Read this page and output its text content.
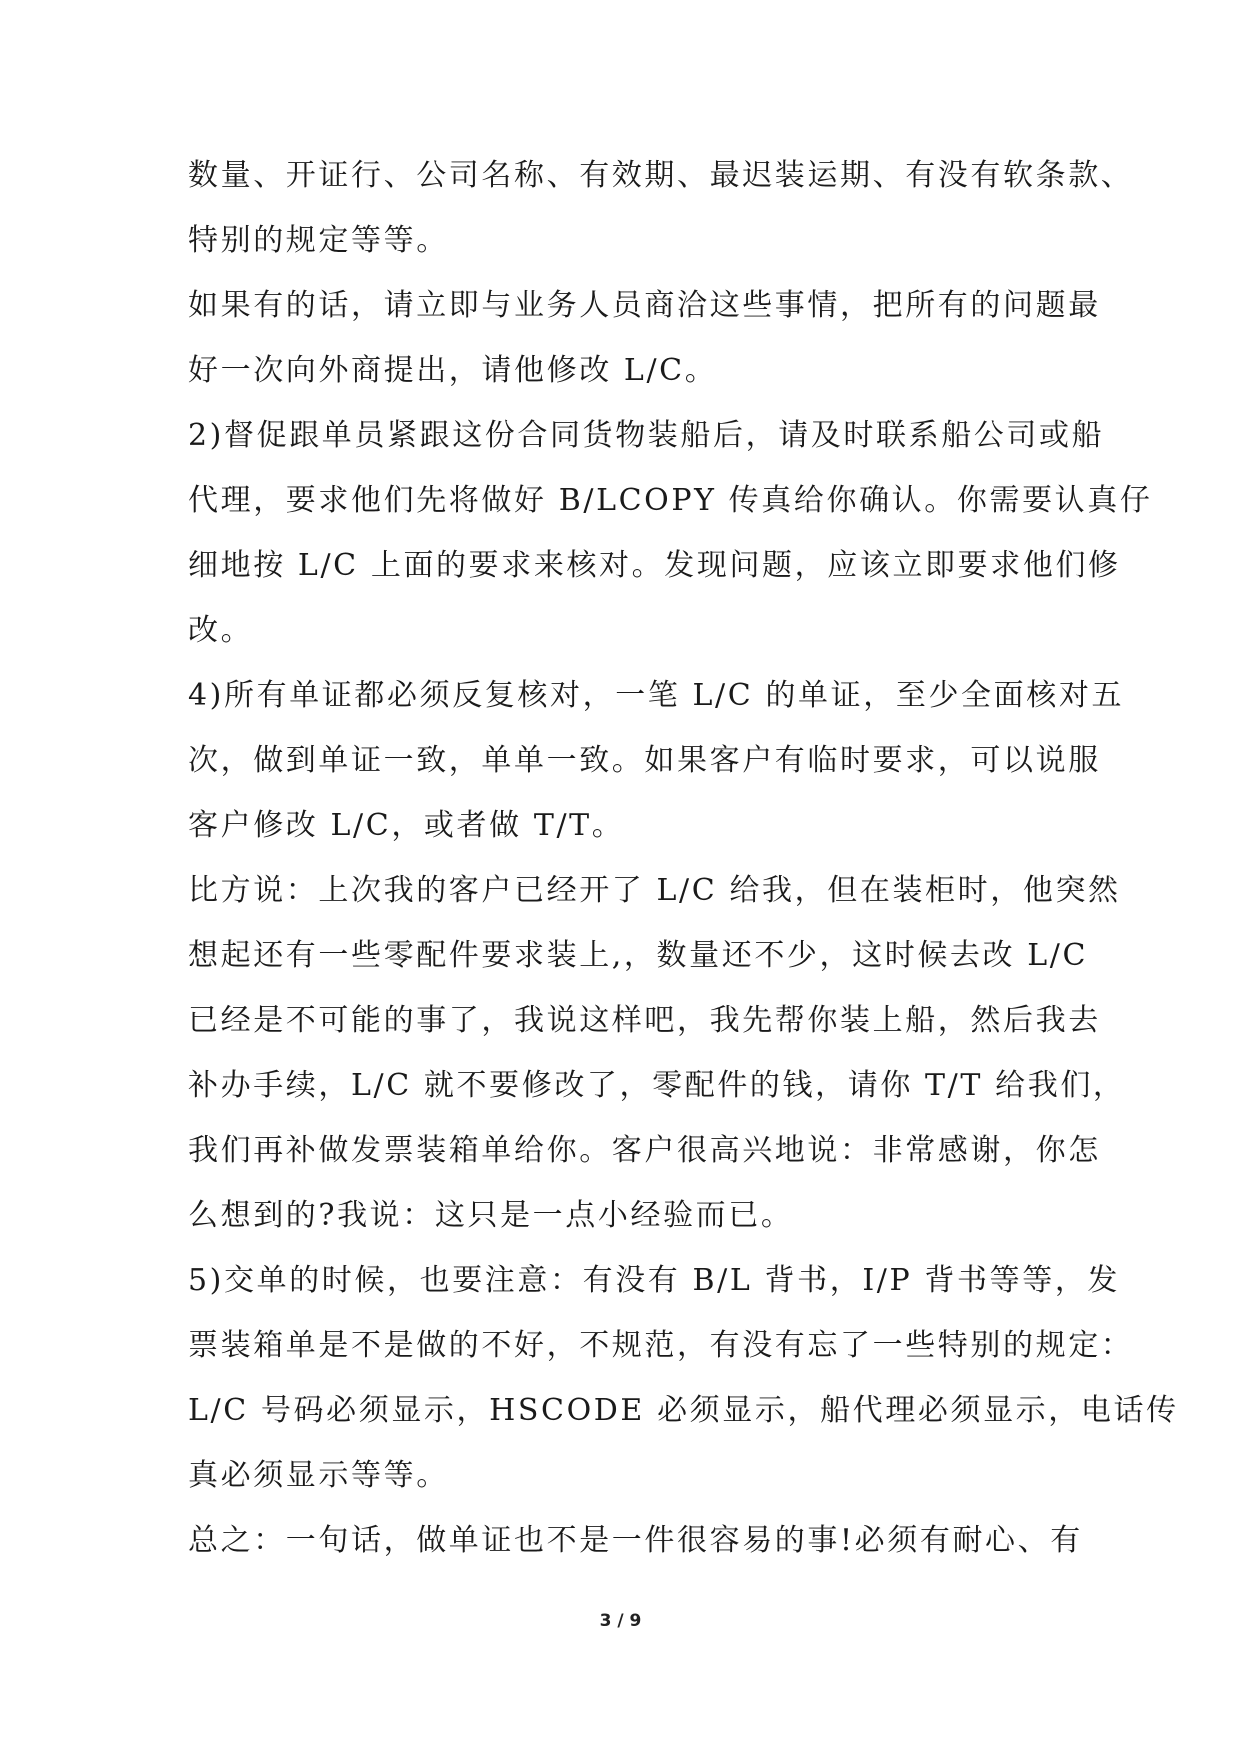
数量、开证行、公司名称、有效期、最迟装运期、有没有软条款、
特别的规定等等。
如果有的话，请立即与业务人员商洽这些事情，把所有的问题最
好一次向外商提出，请他修改 L/C。
2)督促跟单员紧跟这份合同货物装船后，请及时联系船公司或船
代理，要求他们先将做好 B/LCOPY 传真给你确认。你需要认真仔
细地按 L/C 上面的要求来核对。发现问题，应该立即要求他们修
改。
4)所有单证都必须反复核对，一笔 L/C 的单证，至少全面核对五
次，做到单证一致，单单一致。如果客户有临时要求，可以说服
客户修改 L/C，或者做 T/T。
比方说：上次我的客户已经开了 L/C 给我，但在装柜时，他突然
想起还有一些零配件要求装上,，数量还不少，这时候去改 L/C
已经是不可能的事了，我说这样吧，我先帮你装上船，然后我去
补办手续，L/C 就不要修改了，零配件的钱，请你 T/T 给我们，
我们再补做发票装箱单给你。客户很高兴地说：非常感谢，你怎
么想到的?我说：这只是一点小经验而已。
5)交单的时候，也要注意：有没有 B/L 背书，I/P 背书等等，发
票装箱单是不是做的不好，不规范，有没有忘了一些特别的规定：
L/C 号码必须显示，HSCODE 必须显示，船代理必须显示，电话传
真必须显示等等。
总之：一句话，做单证也不是一件很容易的事!必须有耐心、有
3 / 9
